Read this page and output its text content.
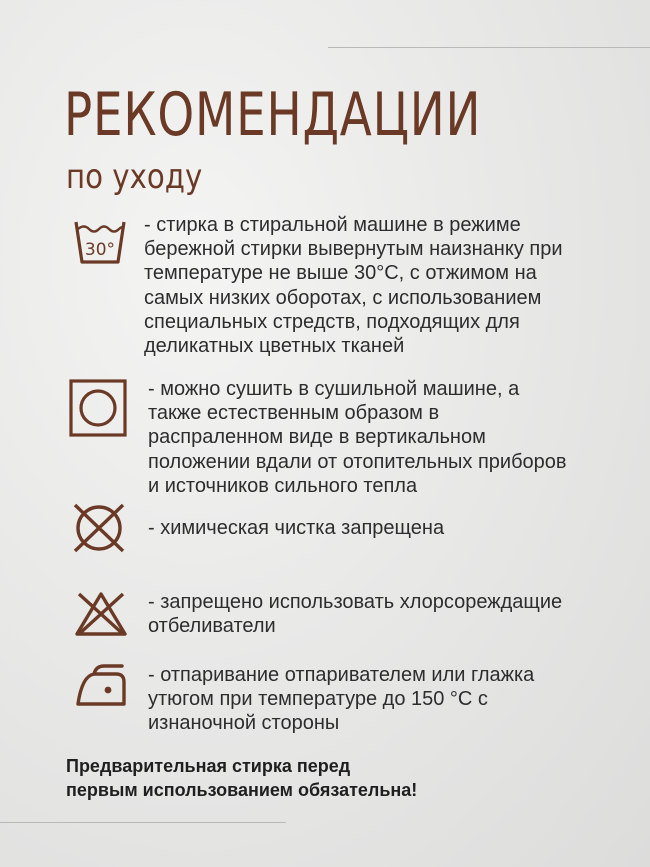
РЕКОМЕНДАЦИИ
по уходу
30°
- стирка в стиральной машине в режиме
бережной стирки вывернутым наизнанку при
температуре не выше 30°C, с отжимом на
самых низких оборотах, с использованием
специальных стредств, подходящих для
деликатных цветных тканей
- можно сушить в сушильной машине, а
также естественным образом в
распраленном виде в вертикальном
положении вдали от отопительных приборов
и источников сильного тепла
- химическая чистка запрещена
- запрещено использовать хлорсореждащие
отбеливатели
- отпаривание отпаривателем или глажка
утюгом при температуре до 150 °C с
изнаночной стороны
Предварительная стирка перед
первым использованием обязательна!
